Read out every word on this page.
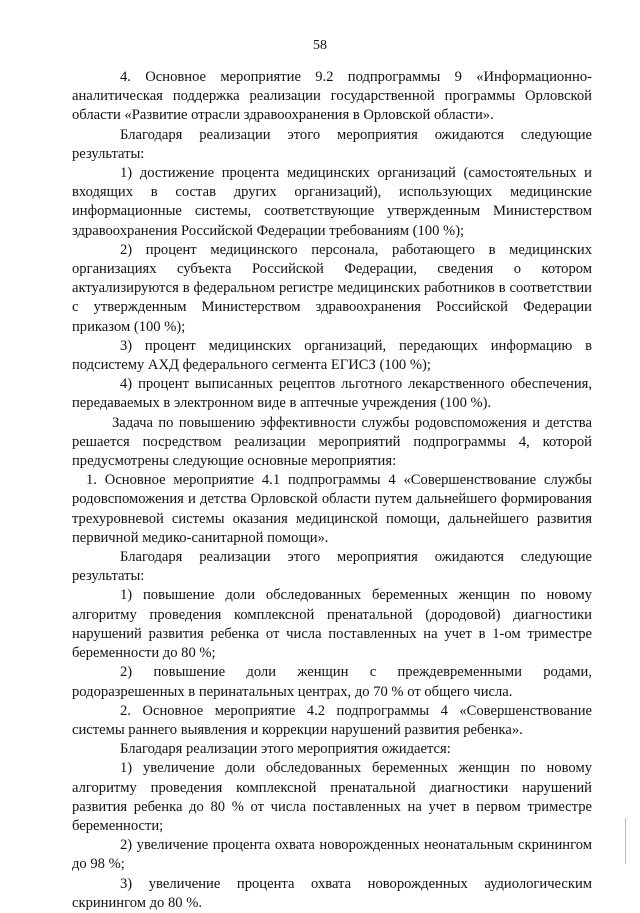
58

4. Основное мероприятие 9.2 подпрограммы 9 «Информационно-аналитическая поддержка реализации государственной программы Орловской области «Развитие отрасли здравоохранения в Орловской области».

Благодаря реализации этого мероприятия ожидаются следующие результаты:

1) достижение процента медицинских организаций (самостоятельных и входящих в состав других организаций), использующих медицинские информационные системы, соответствующие утвержденным Министерством здравоохранения Российской Федерации требованиям (100 %);

2) процент медицинского персонала, работающего в медицинских организациях субъекта Российской Федерации, сведения о котором актуализируются в федеральном регистре медицинских работников в соответствии с утвержденным Министерством здравоохранения Российской Федерации приказом (100 %);

3) процент медицинских организаций, передающих информацию в подсистему АХД федерального сегмента ЕГИСЗ (100 %);

4) процент выписанных рецептов льготного лекарственного обеспечения, передаваемых в электронном виде в аптечные учреждения (100 %).

Задача по повышению эффективности службы родовспоможения и детства решается посредством реализации мероприятий подпрограммы 4, которой предусмотрены следующие основные мероприятия:

1. Основное мероприятие 4.1 подпрограммы 4 «Совершенствование службы родовспоможения и детства Орловской области путем дальнейшего формирования трехуровневой системы оказания медицинской помощи, дальнейшего развития первичной медико-санитарной помощи».

Благодаря реализации этого мероприятия ожидаются следующие результаты:

1) повышение доли обследованных беременных женщин по новому алгоритму проведения комплексной пренатальной (дородовой) диагностики нарушений развития ребенка от числа поставленных на учет в 1-ом триместре беременности до 80 %;

2) повышение доли женщин с преждевременными родами, родоразрешенных в перинатальных центрах, до 70 % от общего числа.

2. Основное мероприятие 4.2 подпрограммы 4 «Совершенствование системы раннего выявления и коррекции нарушений развития ребенка».

Благодаря реализации этого мероприятия ожидается:

1) увеличение доли обследованных беременных женщин по новому алгоритму проведения комплексной пренатальной диагностики нарушений развития ребенка до 80 % от числа поставленных на учет в первом триместре беременности;

2) увеличение процента охвата новорожденных неонатальным скринингом до 98 %;

3) увеличение процента охвата новорожденных аудиологическим скринингом до 80 %.
